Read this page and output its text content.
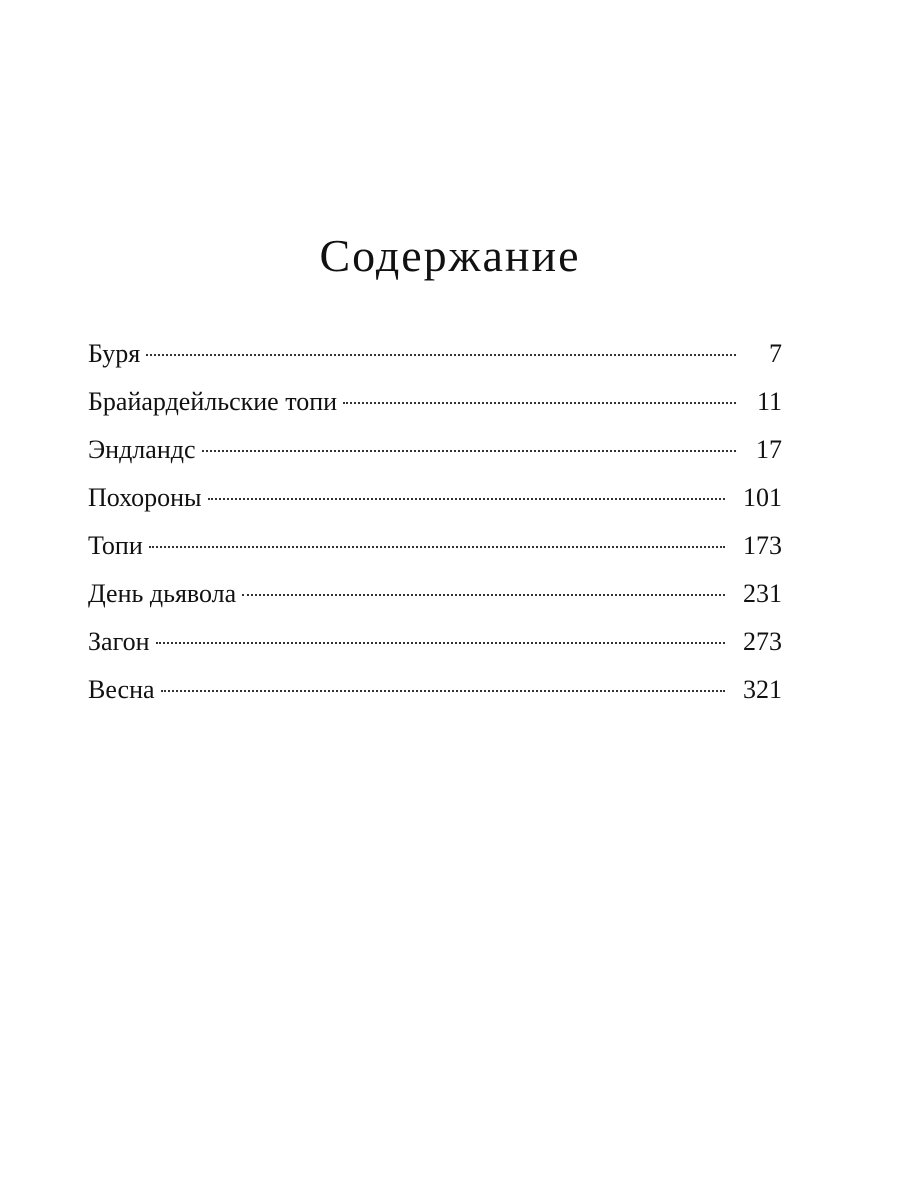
Содержание
Буря	7
Брайардейльские топи	11
Эндландс	17
Похороны	101
Топи	173
День дьявола	231
Загон	273
Весна	321
